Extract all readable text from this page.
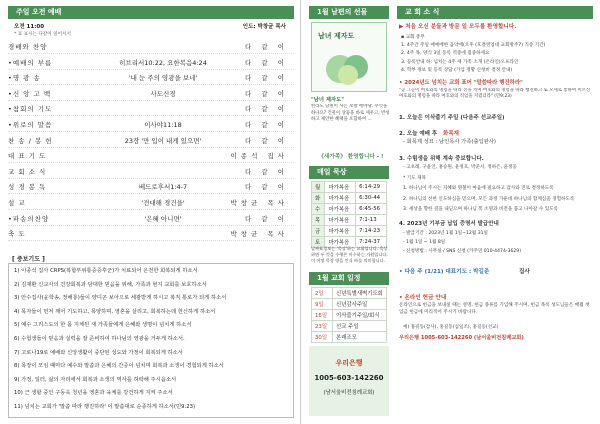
주일 오전 예배
오전 11:00	인도: 박창균 목사
* 표 표시는 다같이 일어서서
경배와 찬양	다 같 이
•예배의 부름	히브리서10:22, 요한복음4:24	다 같 이
•명 광 송	'내 눈 주의 영광을 보네'	다 같 이
•신 앙 고 백	사도신경	다 같 이
•참회의 기도	다 같 이
•위로의 말씀	이사야11:18	다 같 이
찬 송 / 봉 헌	23장 '만 입이 내게 있으면'	다 같 이
대 표 기 도	이종석 집사
교 회 소 식	다 같 이
성 경 봉 독	베드로후서1:4-7	다 같 이
설 교	'견대해 경건을'	박창균 목사
•파송의찬양	'은혜 아니면'	다 같 이
축 도	박창균 목사
[ 중보기도 ]
1) 이종석 집사 CRPS(복합부위통증증후군)가 치료되어 온전한 회복되게 하소서
2) 김재환 신교사의 건강회복과 담대한 믿음을 위해, 가족과 현지 교회를 보호하소서
3) 안수집사(윤학송, 정해룡)들이 양디곤 보아으로 세광받게 하시고 복직 통로가 되게 하소서
4) 목자들이 먼저 깨어 기도하고, 목양하며, 영혼을 살리고, 회복하는데 헌신하게 하소서
5) 예수 그리스도의 한 몸 지체된 새 가족들에게 은혜와 생명이 넘치게 하소서
6) 수험생들이 믿음과 실력을 잘 준비하여 하나님의 영광을 거두게 하소서.
7) 고로나19로 예배와 신앙생활이 중단된 성도와 가정이 회복되게 하소서
8) 목장이 모임 때마다 예수와 말씀과 은혜의 간증이 넘치며 회복과 소생이 경험되게 하소서
9) 가정, 일터, 삶의 자리에서 회복과 소생의 역사를 허락해 주시옵소서
10) 근 생할 중인 구동욱 청년을 엥혼과 육체를 강건하게 지켜 주소서
11) 넘치는 교회가 '말씀 따라 행진하라' 이 말씀대로 순종하게 하소서(민9:23)
1월 남편의 선물
남녀 제자도
"남녀 제자도"
헌라도 남편이 사는 보방 에야당. 무엇을 하나요? 건물이 상품을 바로 세우고, 반성하고 제안한 혜택을 포함하여 ...
《새가족》 환영합니다 - !
매일 묵상
월	마가복음	6:14-29
화	마가복음	6:30-44
수	마가복음	6:45-56
목	마가복음	7:1-13
금	마가복음	7:14-23
토	마가복음	7:24-37
날짜표경보는 '묵상'하는 교회입니다. 묵상하면 두 것을 수행은 이수하는 자원입니다. 이 어멍 묵상 방을 인식 바를 의미합니다.
1월 교회 일정
2일	신년특별새벽기도회
9일	신년감사주일
16일	이삭줍기주일/회식
23일	선교 주일
30일	본래조모
우리은행
1005-603-142260
(남서울비전침례교회)
교 회 소 식
▶ 처음 오신 분들과 방문 일 모두를 환영합니다.
▪ 교회 총무
1. 4주간 주일 매예배한 음악에(오후 (호결영업대 교회방주7) 직송 기간)
2. 4주 목, 양식 3일 동록 역중에 집중하세요
3. 등록안내 하: 넘치는 4주 세 가족 소개 (온라인)오프라인
4. 학부 정보 및 등록 상담 (가입 정황 신청비 결정 안내)
• 2024년도 넘치는 교회 표어 "말씀따라 행진하라"
"곧 그들이 여호와의 명령을 따라 진을 치며 여호와의 명령을 따라 행진하고 또 모세로 통하여 이르신 여호와의 명령을 따라 여호와의 직임을 지켰더라" (민9:23)
1. 오늘은 이삭줍기 주일 (다음주 선교주일)
2. 오늘 예배 후 화목재
- 회목제 성묘 : 남인목사 가족(출입완사)
3. 수험생을 위해 계속 중보합니다.
- 고초례, 구윤인, 홍승원, 윤정호, 박준서, 정하은, 윤정웅
* 기도 제목
1. 하나님이 주시는 지혜와 명철이 마음에 필요하고 감사와 진로 결정하도록
2. 하나님의 선한 인도하심을 믿으며, 모든 과정 가운데 하나님의 함께심을 경험하도록
3. 세상을 향한 길을 내딛으며 하나님 복 소명과 비전을 품고 나아갈 수 있도록
4. 2023년 기부금 납입 증명서 발급안내
- 발급기간 : 2023년 1월 1일~12월 31일
- 1월 1일 ~ 1월 8일
- 신청방법 : 사무실 / SNS 신청 (카주연 010-4474-3629)
• 다음 주 (1/21) 대표기도 : 박길준	집사
• 온라인 헌금 안내
온라인으로 헌금을 보내실 때는 성명, 헌금 종류를 기입해 주시며, 헌금 목록 성도님들은 매월 첫 입금 헌금에 미리적어 주시기 바랍니다.
예) 홍길동(감사), 홍길동(십일조), 홍길동(선교)
우리은행 1005-603-142260 (남서울비전침례교회)
